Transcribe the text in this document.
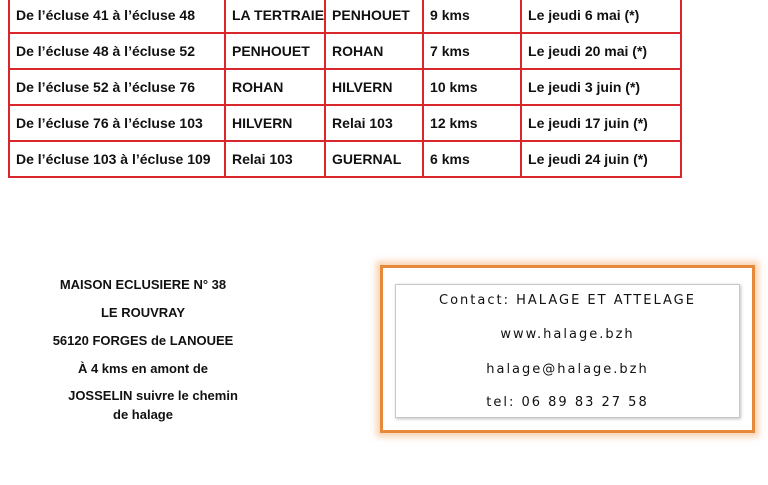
De l’écluse 41 à l’écluse 48	LA TERTRAIE	PENHOUET	9 kms	Le jeudi 6 mai (*)
De l’écluse 48 à l’écluse 52	PENHOUET	ROHAN	7 kms	Le jeudi 20 mai (*)
De l’écluse 52 à l’écluse 76	ROHAN	HILVERN	10 kms	Le jeudi 3 juin (*)
De l’écluse 76 à l’écluse 103	HILVERN	Relai 103	12 kms	Le jeudi 17 juin (*)
De l’écluse 103 à l’écluse 109	Relai 103	GUERNAL	6 kms	Le jeudi 24 juin (*)
MAISON ECLUSIERE N° 38
LE ROUVRAY
56120 FORGES de LANOUEE
À 4 kms en amont de
JOSSELIN suivre le chemin
de halage
Contact: HALAGE ET ATTELAGE
www.halage.bzh
halage@halage.bzh
tel: 06 89 83 27 58
